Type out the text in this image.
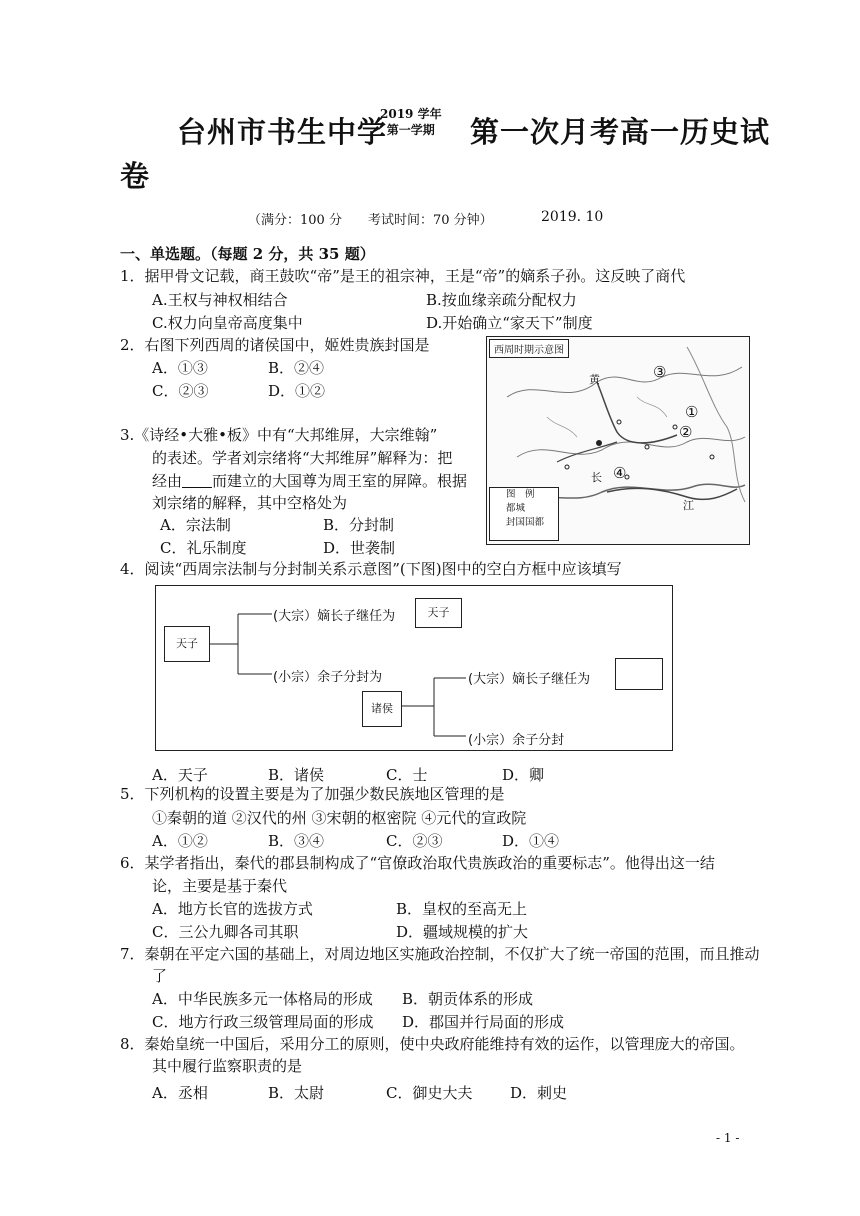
台州市书生中学
2019 学年
第一学期 第一次月考高一历史试
卷
（满分：100 分　　考试时间：70 分钟）	2019. 10
一、单选题。（每题 2 分，共 35 题）
1．据甲骨文记载，商王鼓吹“帝”是王的祖宗神，王是“帝”的嫡系子孙。这反映了商代
A.王权与神权相结合	B.按血缘亲疏分配权力
C.权力向皇帝高度集中	D.开始确立“家天下”制度
2．右图下列西周的诸侯国中，姬姓贵族封国是
A．①③	B．②④
C．②③	D．①②
西周时期示意图
黄
长
江
①
②
③
④
图　例
都城
封国国都
3.《诗经•大雅•板》中有“大邦维屏，大宗维翰”
的表述。学者刘宗绪将“大邦维屏”解释为：把
经由 而建立的大国尊为周王室的屏障。根据
刘宗绪的解释，其中空格处为
A．宗法制	B．分封制
C．礼乐制度	D．世袭制
4．阅读“西周宗法制与分封制关系示意图”(下图)图中的空白方框中应该填写
天子
(大宗）嫡长子继任为	天子
(小宗）余子分封为
诸侯
(大宗）嫡长子继任为
(小宗）余子分封
A．天子	B．诸侯	C．士	D．卿
5．下列机构的设置主要是为了加强少数民族地区管理的是
①秦朝的道 ②汉代的州 ③宋朝的枢密院 ④元代的宣政院
A．①②	B．③④	C．②③	D．①④
6．某学者指出，秦代的郡县制构成了“官僚政治取代贵族政治的重要标志”。他得出这一结
论，主要是基于秦代
A．地方长官的选拔方式	B．皇权的至高无上
C．三公九卿各司其职	D．疆域规模的扩大
7．秦朝在平定六国的基础上，对周边地区实施政治控制，不仅扩大了统一帝国的范围，而且推动
了
A．中华民族多元一体格局的形成 B．朝贡体系的形成
C．地方行政三级管理局面的形成 D．郡国并行局面的形成
8．秦始皇统一中国后，采用分工的原则，使中央政府能维持有效的运作，以管理庞大的帝国。
其中履行监察职责的是
A．丞相	B．太尉	C．御史大夫	D．刺史
- 1 -
